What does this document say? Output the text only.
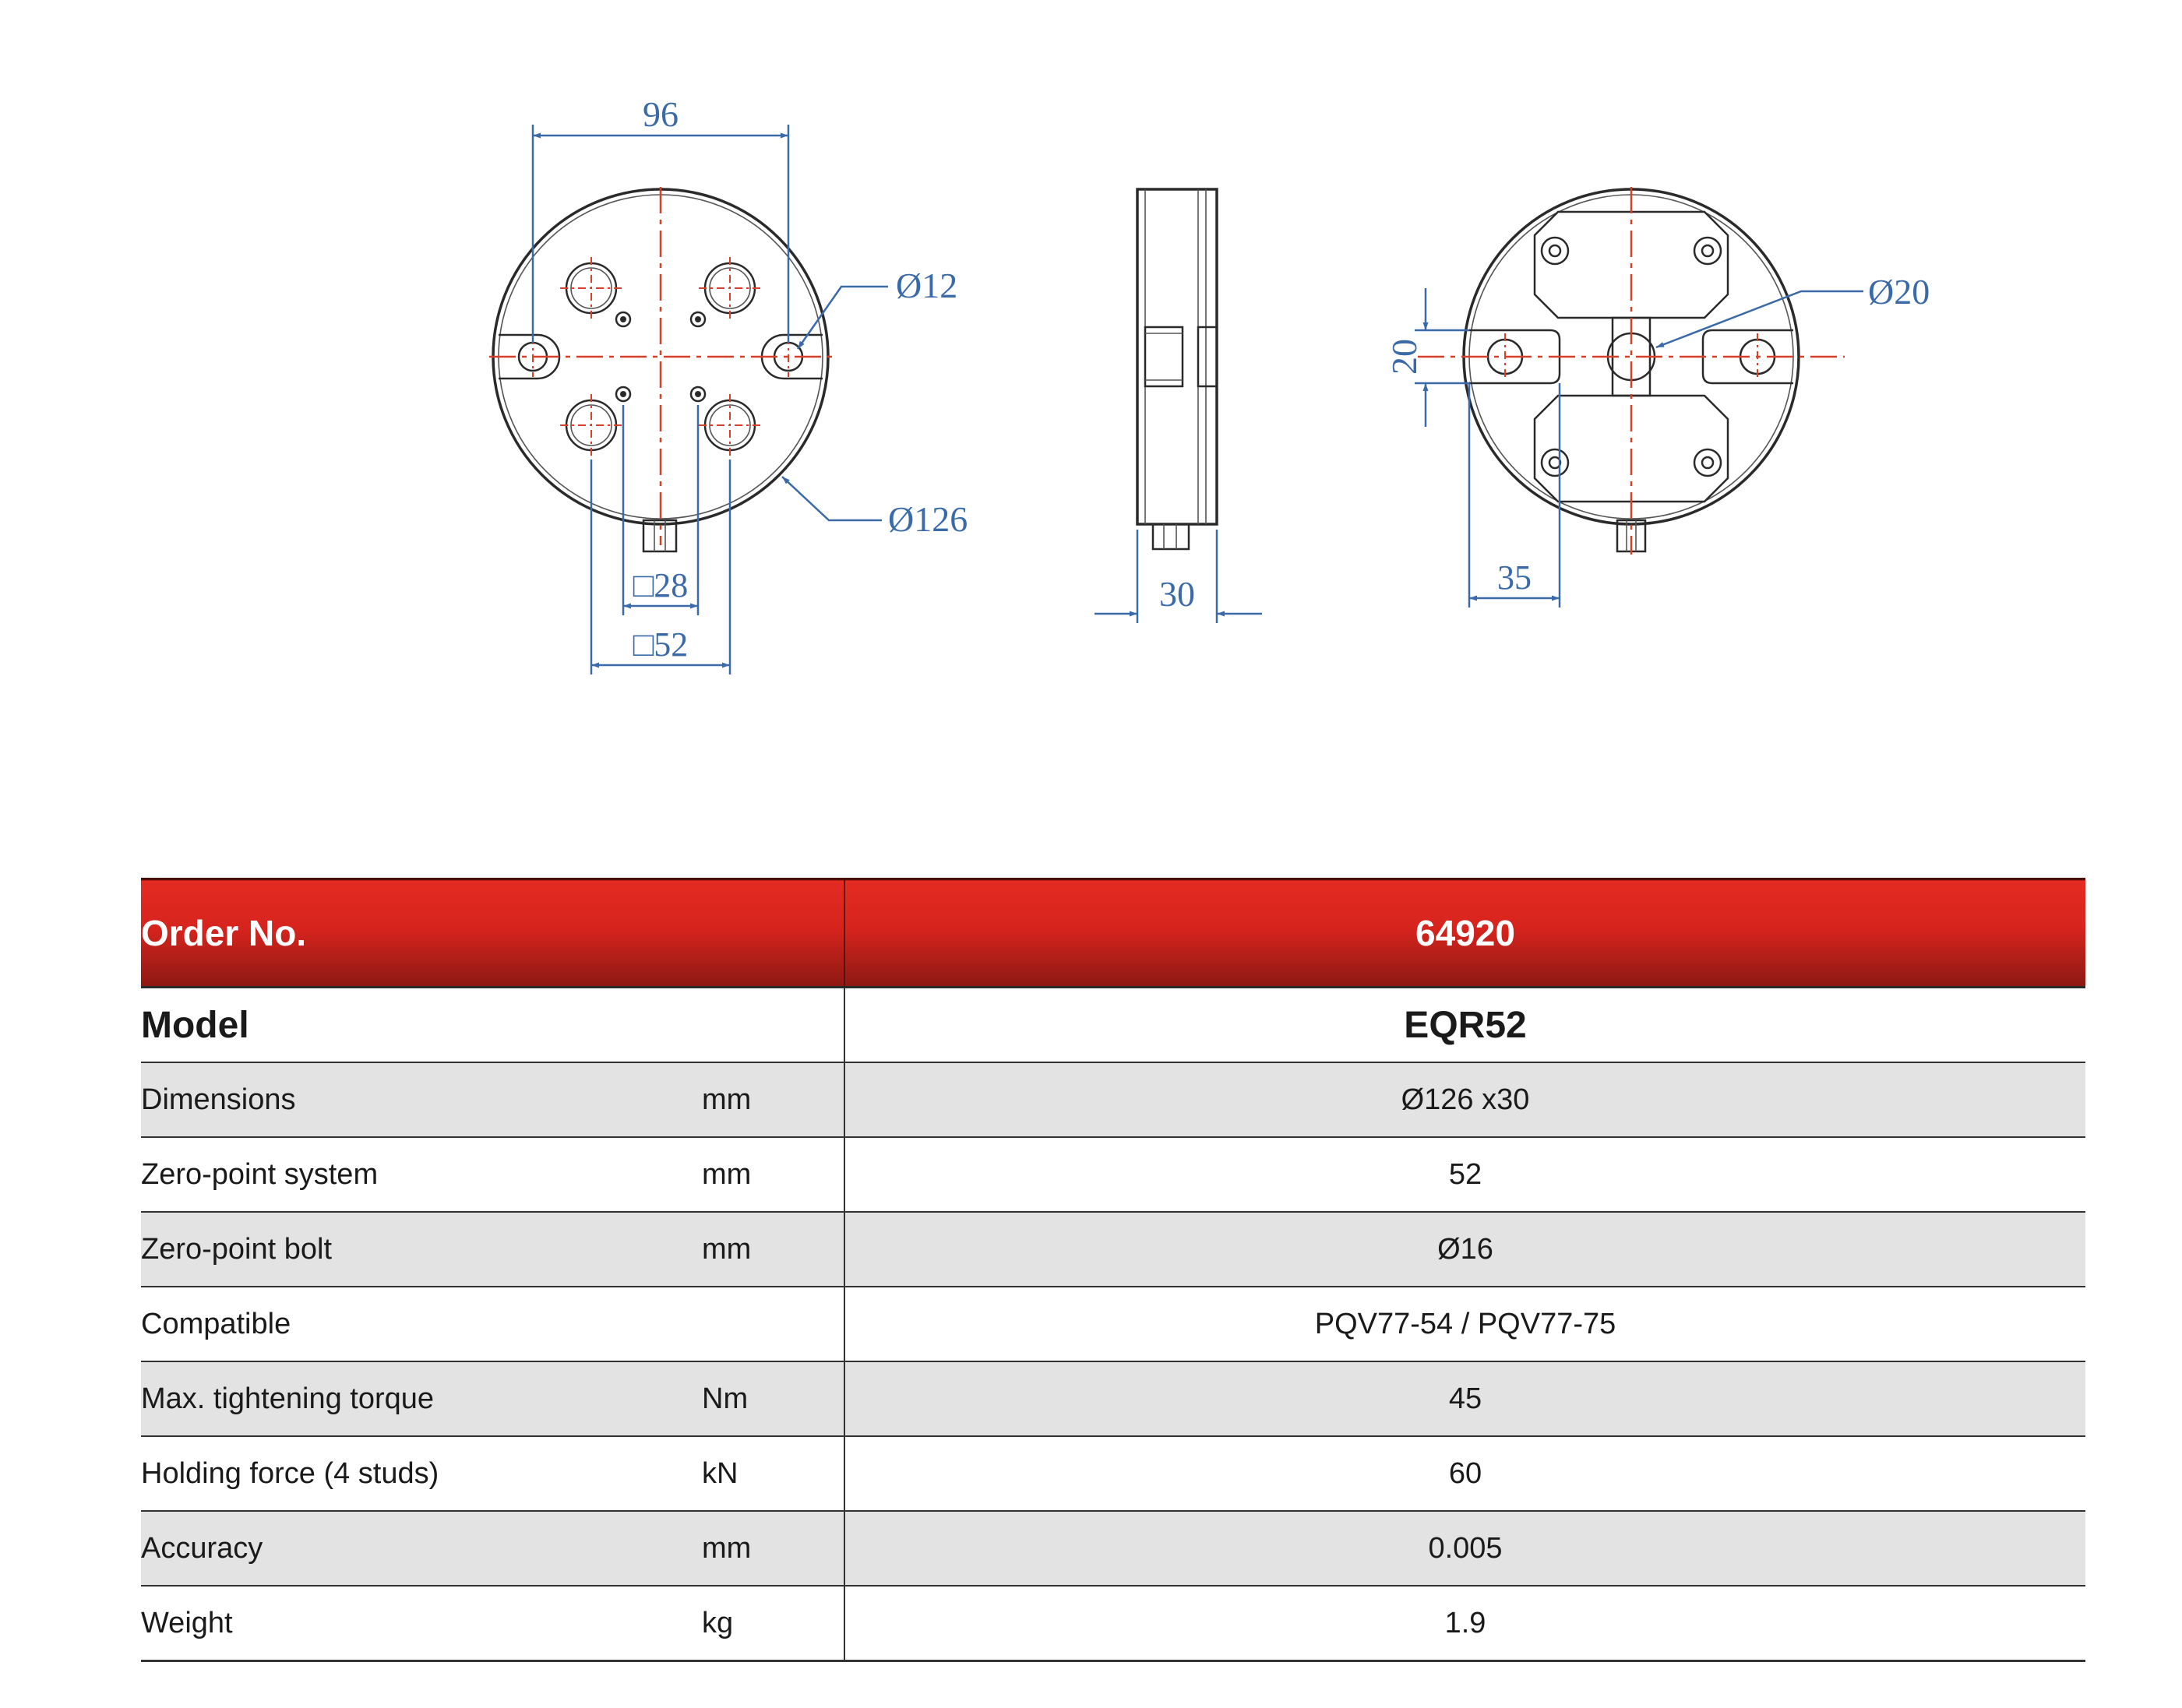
96
Ø12
Ø126
□28
□52
30
Ø20
20
35
Order No.		64920
Model		EQR52
Dimensions	mm	Ø126 x30
Zero-point system	mm	52
Zero-point bolt	mm	Ø16
Compatible		PQV77-54 / PQV77-75
Max. tightening torque	Nm	45
Holding force (4 studs)	kN	60
Accuracy	mm	0.005
Weight	kg	1.9
